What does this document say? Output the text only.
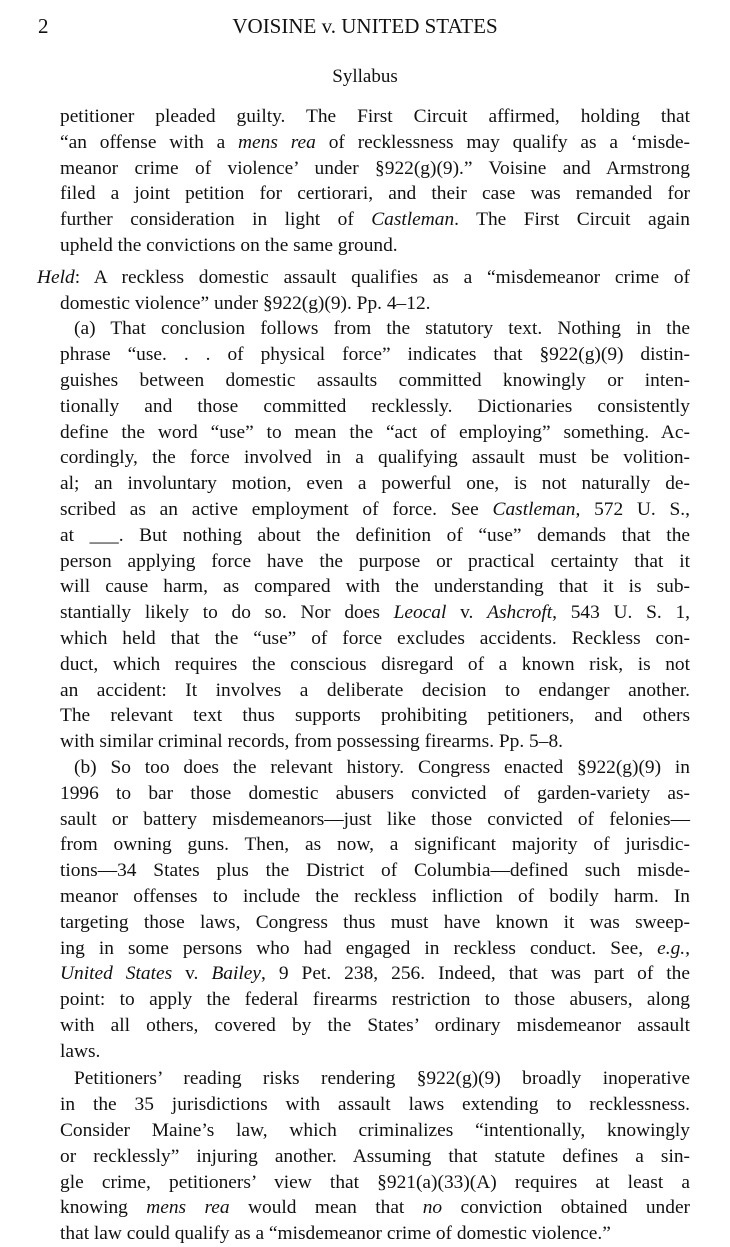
2	VOISINE v. UNITED STATES
Syllabus
petitioner pleaded guilty. The First Circuit affirmed, holding that
“an offense with a mens rea of recklessness may qualify as a ‘misde-
meanor crime of violence’ under §922(g)(9).” Voisine and Armstrong
filed a joint petition for certiorari, and their case was remanded for
further consideration in light of Castleman. The First Circuit again
upheld the convictions on the same ground.
Held: A reckless domestic assault qualifies as a “misdemeanor crime of
domestic violence” under §922(g)(9). Pp. 4–12.
(a) That conclusion follows from the statutory text. Nothing in the
phrase “use. . . of physical force” indicates that §922(g)(9) distin-
guishes between domestic assaults committed knowingly or inten-
tionally and those committed recklessly. Dictionaries consistently
define the word “use” to mean the “act of employing” something. Ac-
cordingly, the force involved in a qualifying assault must be volition-
al; an involuntary motion, even a powerful one, is not naturally de-
scribed as an active employment of force. See Castleman, 572 U. S.,
at ___. But nothing about the definition of “use” demands that the
person applying force have the purpose or practical certainty that it
will cause harm, as compared with the understanding that it is sub-
stantially likely to do so. Nor does Leocal v. Ashcroft, 543 U. S. 1,
which held that the “use” of force excludes accidents. Reckless con-
duct, which requires the conscious disregard of a known risk, is not
an accident: It involves a deliberate decision to endanger another.
The relevant text thus supports prohibiting petitioners, and others
with similar criminal records, from possessing firearms. Pp. 5–8.
(b) So too does the relevant history. Congress enacted §922(g)(9) in
1996 to bar those domestic abusers convicted of garden-variety as-
sault or battery misdemeanors—just like those convicted of felonies—
from owning guns. Then, as now, a significant majority of jurisdic-
tions—34 States plus the District of Columbia—defined such misde-
meanor offenses to include the reckless infliction of bodily harm. In
targeting those laws, Congress thus must have known it was sweep-
ing in some persons who had engaged in reckless conduct. See, e.g.,
United States v. Bailey, 9 Pet. 238, 256. Indeed, that was part of the
point: to apply the federal firearms restriction to those abusers, along
with all others, covered by the States’ ordinary misdemeanor assault
laws.
Petitioners’ reading risks rendering §922(g)(9) broadly inoperative
in the 35 jurisdictions with assault laws extending to recklessness.
Consider Maine’s law, which criminalizes “intentionally, knowingly
or recklessly” injuring another. Assuming that statute defines a sin-
gle crime, petitioners’ view that §921(a)(33)(A) requires at least a
knowing mens rea would mean that no conviction obtained under
that law could qualify as a “misdemeanor crime of domestic violence.”
